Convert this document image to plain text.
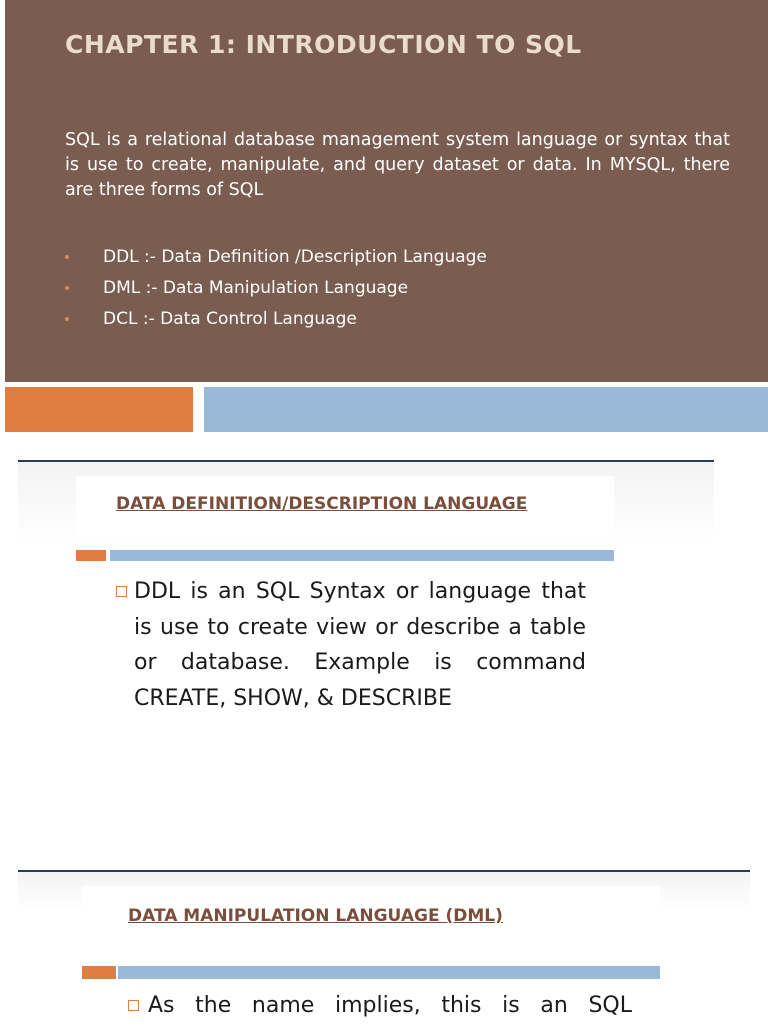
CHAPTER 1: INTRODUCTION TO SQL

SQL is a relational database management system language or syntax that is use to create, manipulate, and query dataset or data. In MYSQL, there are three forms of SQL

DDL :- Data Definition /Description Language
DML :- Data Manipulation Language
DCL :- Data Control Language
DATA DEFINITION/DESCRIPTION LANGUAGE

DDL is an SQL Syntax or language that is use to create view or describe a table or database. Example is command CREATE, SHOW, & DESCRIBE

DATA MANIPULATION LANGUAGE (DML)

As the name implies, this is an SQL
